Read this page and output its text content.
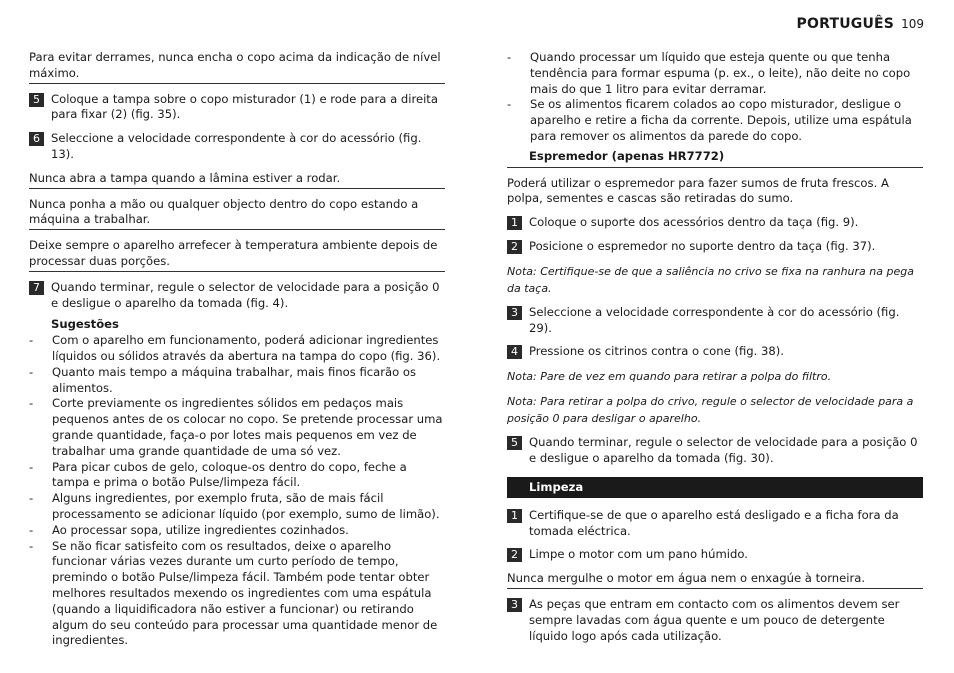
PORTUGUÊS 109
Para evitar derrames, nunca encha o copo acima da indicação de nível máximo.
5 Coloque a tampa sobre o copo misturador (1) e rode para a direita para fixar (2) (fig. 35).
6 Seleccione a velocidade correspondente à cor do acessório (fig. 13).
Nunca abra a tampa quando a lâmina estiver a rodar.
Nunca ponha a mão ou qualquer objecto dentro do copo estando a máquina a trabalhar.
Deixe sempre o aparelho arrefecer à temperatura ambiente depois de processar duas porções.
7 Quando terminar, regule o selector de velocidade para a posição 0 e desligue o aparelho da tomada (fig. 4).
Sugestões
- Com o aparelho em funcionamento, poderá adicionar ingredientes líquidos ou sólidos através da abertura na tampa do copo (fig. 36).
- Quanto mais tempo a máquina trabalhar, mais finos ficarão os alimentos.
- Corte previamente os ingredientes sólidos em pedaços mais pequenos antes de os colocar no copo. Se pretende processar uma grande quantidade, faça-o por lotes mais pequenos em vez de trabalhar uma grande quantidade de uma só vez.
- Para picar cubos de gelo, coloque-os dentro do copo, feche a tampa e prima o botão Pulse/limpeza fácil.
- Alguns ingredientes, por exemplo fruta, são de mais fácil processamento se adicionar líquido (por exemplo, sumo de limão).
- Ao processar sopa, utilize ingredientes cozinhados.
- Se não ficar satisfeito com os resultados, deixe o aparelho funcionar várias vezes durante um curto período de tempo, premindo o botão Pulse/limpeza fácil. Também pode tentar obter melhores resultados mexendo os ingredientes com uma espátula (quando a liquidificadora não estiver a funcionar) ou retirando algum do seu conteúdo para processar uma quantidade menor de ingredientes.
- Quando processar um líquido que esteja quente ou que tenha tendência para formar espuma (p. ex., o leite), não deite no copo mais do que 1 litro para evitar derramar.
- Se os alimentos ficarem colados ao copo misturador, desligue o aparelho e retire a ficha da corrente. Depois, utilize uma espátula para remover os alimentos da parede do copo.
Espremedor (apenas HR7772)
Poderá utilizar o espremedor para fazer sumos de fruta frescos. A polpa, sementes e cascas são retiradas do sumo.
1 Coloque o suporte dos acessórios dentro da taça (fig. 9).
2 Posicione o espremedor no suporte dentro da taça (fig. 37).
Nota: Certifique-se de que a saliência no crivo se fixa na ranhura na pega da taça.
3 Seleccione a velocidade correspondente à cor do acessório (fig. 29).
4 Pressione os citrinos contra o cone (fig. 38).
Nota: Pare de vez em quando para retirar a polpa do filtro.
Nota: Para retirar a polpa do crivo, regule o selector de velocidade para a posição 0 para desligar o aparelho.
5 Quando terminar, regule o selector de velocidade para a posição 0 e desligue o aparelho da tomada (fig. 30).
Limpeza
1 Certifique-se de que o aparelho está desligado e a ficha fora da tomada eléctrica.
2 Limpe o motor com um pano húmido.
Nunca mergulhe o motor em água nem o enxagúe à torneira.
3 As peças que entram em contacto com os alimentos devem ser sempre lavadas com água quente e um pouco de detergente líquido logo após cada utilização.
